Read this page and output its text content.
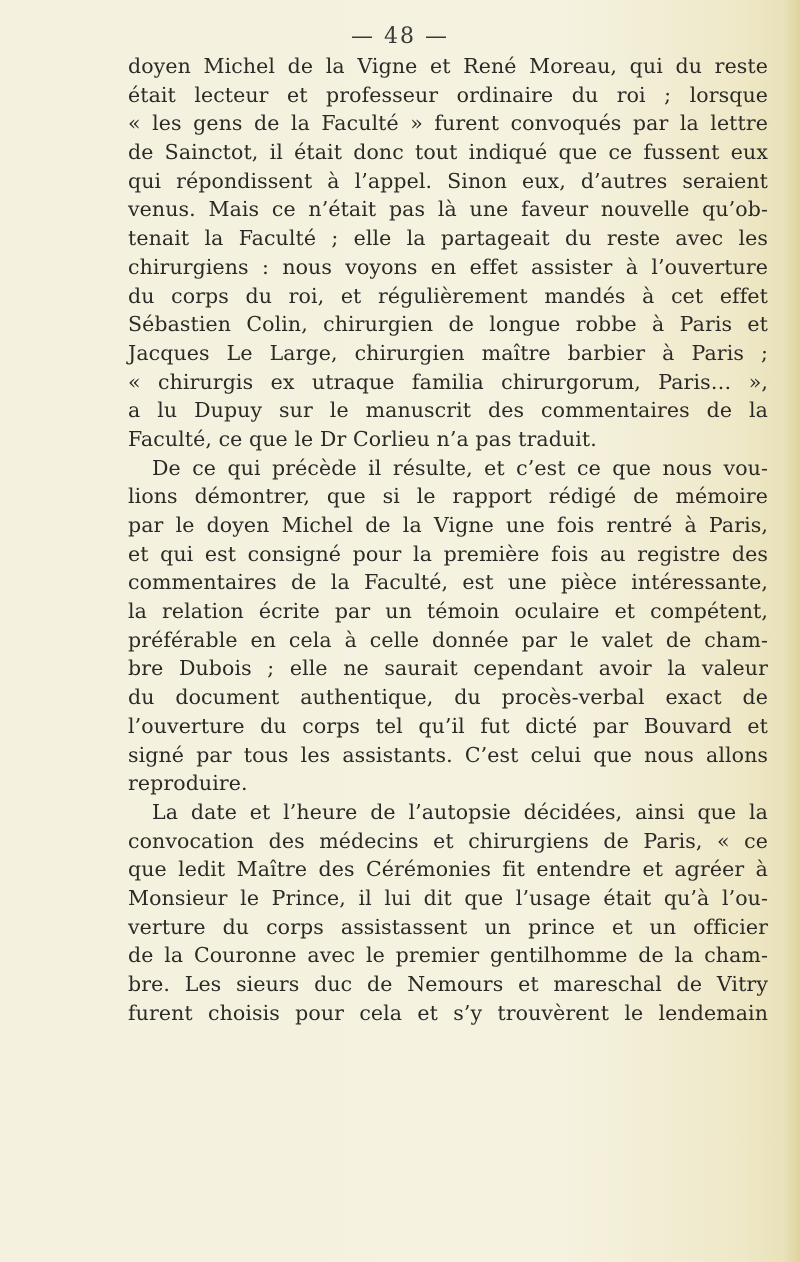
— 48 —
doyen Michel de la Vigne et René Moreau, qui du reste
était lecteur et professeur ordinaire du roi ; lorsque
« les gens de la Faculté » furent convoqués par la lettre
de Sainctot, il était donc tout indiqué que ce fussent eux
qui répondissent à l’appel. Sinon eux, d’autres seraient
venus. Mais ce n’était pas là une faveur nouvelle qu’ob-
tenait la Faculté ; elle la partageait du reste avec les
chirurgiens : nous voyons en effet assister à l’ouverture
du corps du roi, et régulièrement mandés à cet effet
Sébastien Colin, chirurgien de longue robbe à Paris et
Jacques Le Large, chirurgien maître barbier à Paris ;
« chirurgis ex utraque familia chirurgorum, Paris… »,
a lu Dupuy sur le manuscrit des commentaires de la
Faculté, ce que le Dr Corlieu n’a pas traduit.
De ce qui précède il résulte, et c’est ce que nous vou-
lions démontrer, que si le rapport rédigé de mémoire
par le doyen Michel de la Vigne une fois rentré à Paris,
et qui est consigné pour la première fois au registre des
commentaires de la Faculté, est une pièce intéressante,
la relation écrite par un témoin oculaire et compétent,
préférable en cela à celle donnée par le valet de cham-
bre Dubois ; elle ne saurait cependant avoir la valeur
du document authentique, du procès-verbal exact de
l’ouverture du corps tel qu’il fut dicté par Bouvard et
signé par tous les assistants. C’est celui que nous allons
reproduire.
La date et l’heure de l’autopsie décidées, ainsi que la
convocation des médecins et chirurgiens de Paris, « ce
que ledit Maître des Cérémonies fit entendre et agréer à
Monsieur le Prince, il lui dit que l’usage était qu’à l’ou-
verture du corps assistassent un prince et un officier
de la Couronne avec le premier gentilhomme de la cham-
bre. Les sieurs duc de Nemours et mareschal de Vitry
furent choisis pour cela et s’y trouvèrent le lendemain
